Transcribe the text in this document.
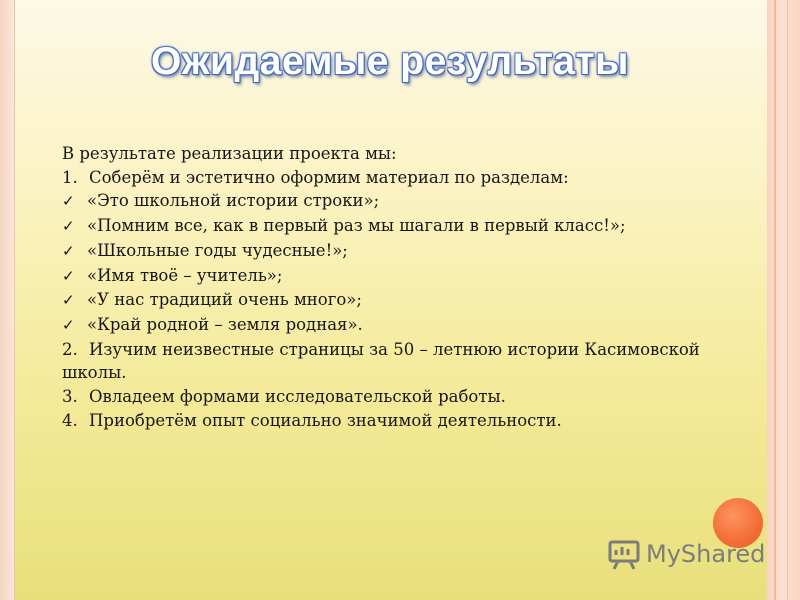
Ожидаемые результаты
В результате реализации проекта мы:
1. Соберём и эстетично оформим материал по разделам:
✓ «Это школьной истории строки»;
✓ «Помним все, как в первый раз мы шагали в первый класс!»;
✓ «Школьные годы чудесные!»;
✓ «Имя твоё – учитель»;
✓ «У нас традиций очень много»;
✓ «Край родной – земля родная».
2. Изучим неизвестные страницы за 50 – летнюю истории Касимовской школы.
3. Овладеем формами исследовательской работы.
4. Приобретём опыт социально значимой деятельности.
MyShared
